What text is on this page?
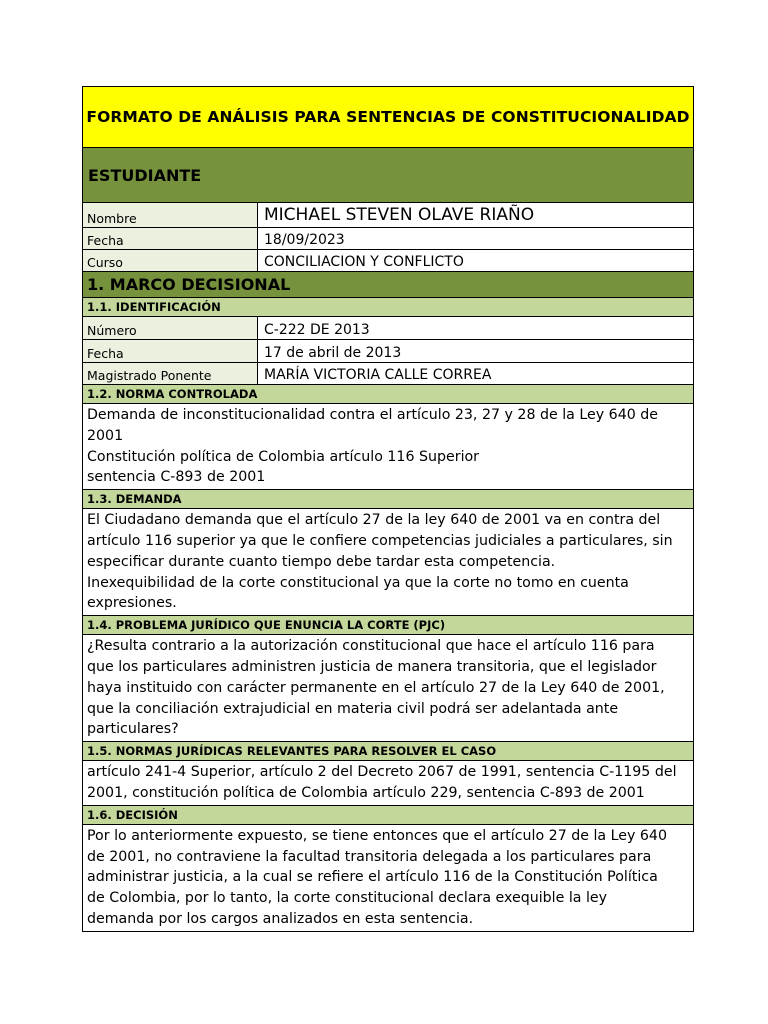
FORMATO DE ANÁLISIS PARA SENTENCIAS DE CONSTITUCIONALIDAD
ESTUDIANTE
Nombre	MICHAEL STEVEN OLAVE RIAÑO
Fecha	18/09/2023
Curso	CONCILIACION Y CONFLICTO
1. MARCO DECISIONAL
1.1. IDENTIFICACIÓN
Número	C-222 DE 2013
Fecha	17 de abril de 2013
Magistrado Ponente	MARÍA VICTORIA CALLE CORREA
1.2. NORMA CONTROLADA
Demanda de inconstitucionalidad contra el artículo 23, 27 y 28 de la Ley 640 de
2001
Constitución política de Colombia artículo 116 Superior
sentencia C-893 de 2001
1.3. DEMANDA
El Ciudadano demanda que el artículo 27 de la ley 640 de 2001 va en contra del
artículo 116 superior ya que le confiere competencias judiciales a particulares, sin
especificar durante cuanto tiempo debe tardar esta competencia.
Inexequibilidad de la corte constitucional ya que la corte no tomo en cuenta
expresiones.
1.4. PROBLEMA JURÍDICO QUE ENUNCIA LA CORTE (PJC)
¿Resulta contrario a la autorización constitucional que hace el artículo 116 para
que los particulares administren justicia de manera transitoria, que el legislador
haya instituido con carácter permanente en el artículo 27 de la Ley 640 de 2001,
que la conciliación extrajudicial en materia civil podrá ser adelantada ante
particulares?
1.5. NORMAS JURÍDICAS RELEVANTES PARA RESOLVER EL CASO
artículo 241-4 Superior, artículo 2 del Decreto 2067 de 1991, sentencia C-1195 del
2001, constitución política de Colombia artículo 229, sentencia C-893 de 2001
1.6. DECISIÓN
Por lo anteriormente expuesto, se tiene entonces que el artículo 27 de la Ley 640
de 2001, no contraviene la facultad transitoria delegada a los particulares para
administrar justicia, a la cual se refiere el artículo 116 de la Constitución Política
de Colombia, por lo tanto, la corte constitucional declara exequible la ley
demanda por los cargos analizados en esta sentencia.
